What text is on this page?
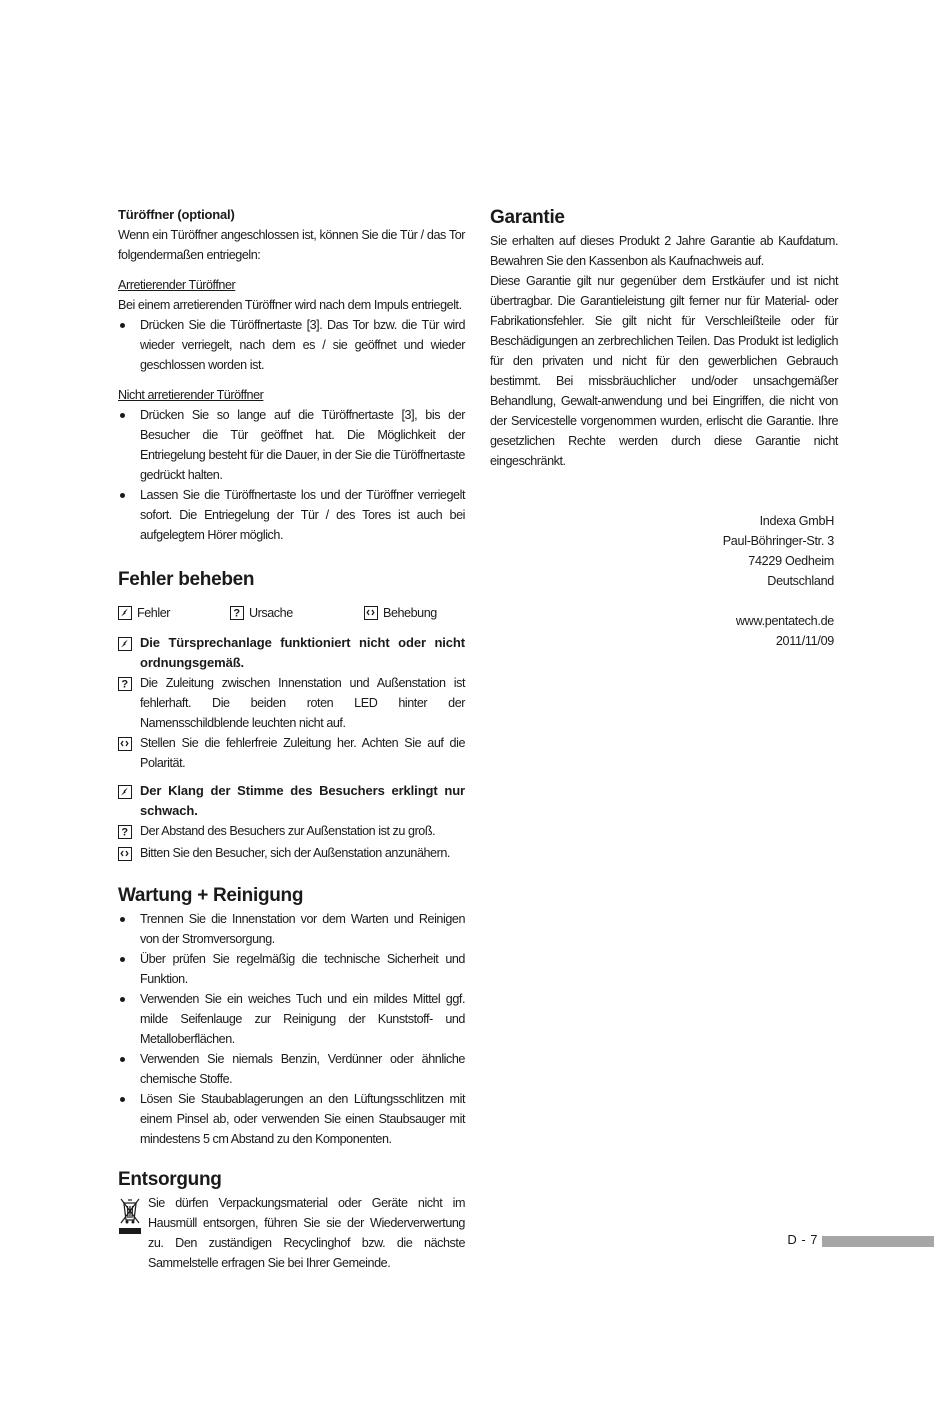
Türöffner (optional)

Wenn ein Türöffner angeschlossen ist, können Sie die Tür / das Tor folgendermaßen entriegeln:

Arretierender Türöffner

Bei einem arretierenden Türöffner wird nach dem Impuls entriegelt.

Drücken Sie die Türöffnertaste [3]. Das Tor bzw. die Tür wird wieder verriegelt, nach dem es / sie geöffnet und wieder geschlossen worden ist.

Nicht arretierender Türöffner

Drücken Sie so lange auf die Türöffnertaste [3], bis der Besucher die Tür geöffnet hat. Die Möglichkeit der Entriegelung besteht für die Dauer, in der Sie die Türöffnertaste gedrückt halten.
Lassen Sie die Türöffnertaste los und der Türöffner verriegelt sofort. Die Entriegelung der Tür / des Tores ist auch bei aufgelegtem Hörer möglich.
Fehler beheben
Fehler	? Ursache	Behebung
Die Türsprechanlage funktioniert nicht oder nicht ordnungsgemäß.
? Die Zuleitung zwischen Innenstation und Außenstation ist fehlerhaft. Die beiden roten LED hinter der Namensschildblende leuchten nicht auf.
Stellen Sie die fehlerfreie Zuleitung her. Achten Sie auf die Polarität.
Der Klang der Stimme des Besuchers erklingt nur schwach.
? Der Abstand des Besuchers zur Außenstation ist zu groß.
Bitten Sie den Besucher, sich der Außenstation anzunähern.
Wartung + Reinigung
Trennen Sie die Innenstation vor dem Warten und Reinigen von der Stromversorgung.
Über prüfen Sie regelmäßig die technische Sicherheit und Funktion.
Verwenden Sie ein weiches Tuch und ein mildes Mittel ggf. milde Seifenlauge zur Reinigung der Kunststoff- und Metalloberflächen.
Verwenden Sie niemals Benzin, Verdünner oder ähnliche chemische Stoffe.
Lösen Sie Staubablagerungen an den Lüftungsschlitzen mit einem Pinsel ab, oder verwenden Sie einen Staubsauger mit mindestens 5 cm Abstand zu den Komponenten.
Entsorgung

Sie dürfen Verpackungsmaterial oder Geräte nicht im Hausmüll entsorgen, führen Sie sie der Wiederverwertung zu. Den zuständigen Recyclinghof bzw. die nächste Sammelstelle erfragen Sie bei Ihrer Gemeinde.

Garantie

Sie erhalten auf dieses Produkt 2 Jahre Garantie ab Kaufdatum. Bewahren Sie den Kassenbon als Kaufnachweis auf.

Diese Garantie gilt nur gegenüber dem Erstkäufer und ist nicht übertragbar. Die Garantieleistung gilt ferner nur für Material- oder Fabrikationsfehler. Sie gilt nicht für Verschleißteile oder für Beschädigungen an zerbrechlichen Teilen. Das Produkt ist lediglich für den privaten und nicht für den gewerblichen Gebrauch bestimmt. Bei missbräuchlicher und/oder unsachgemäßer Behandlung, Gewalt-anwendung und bei Eingriffen, die nicht von der Servicestelle vorgenommen wurden, erlischt die Garantie. Ihre gesetzlichen Rechte werden durch diese Garantie nicht eingeschränkt.

Indexa GmbH
Paul-Böhringer-Str. 3
74229 Oedheim
Deutschland
www.pentatech.de
2011/11/09
D - 7
